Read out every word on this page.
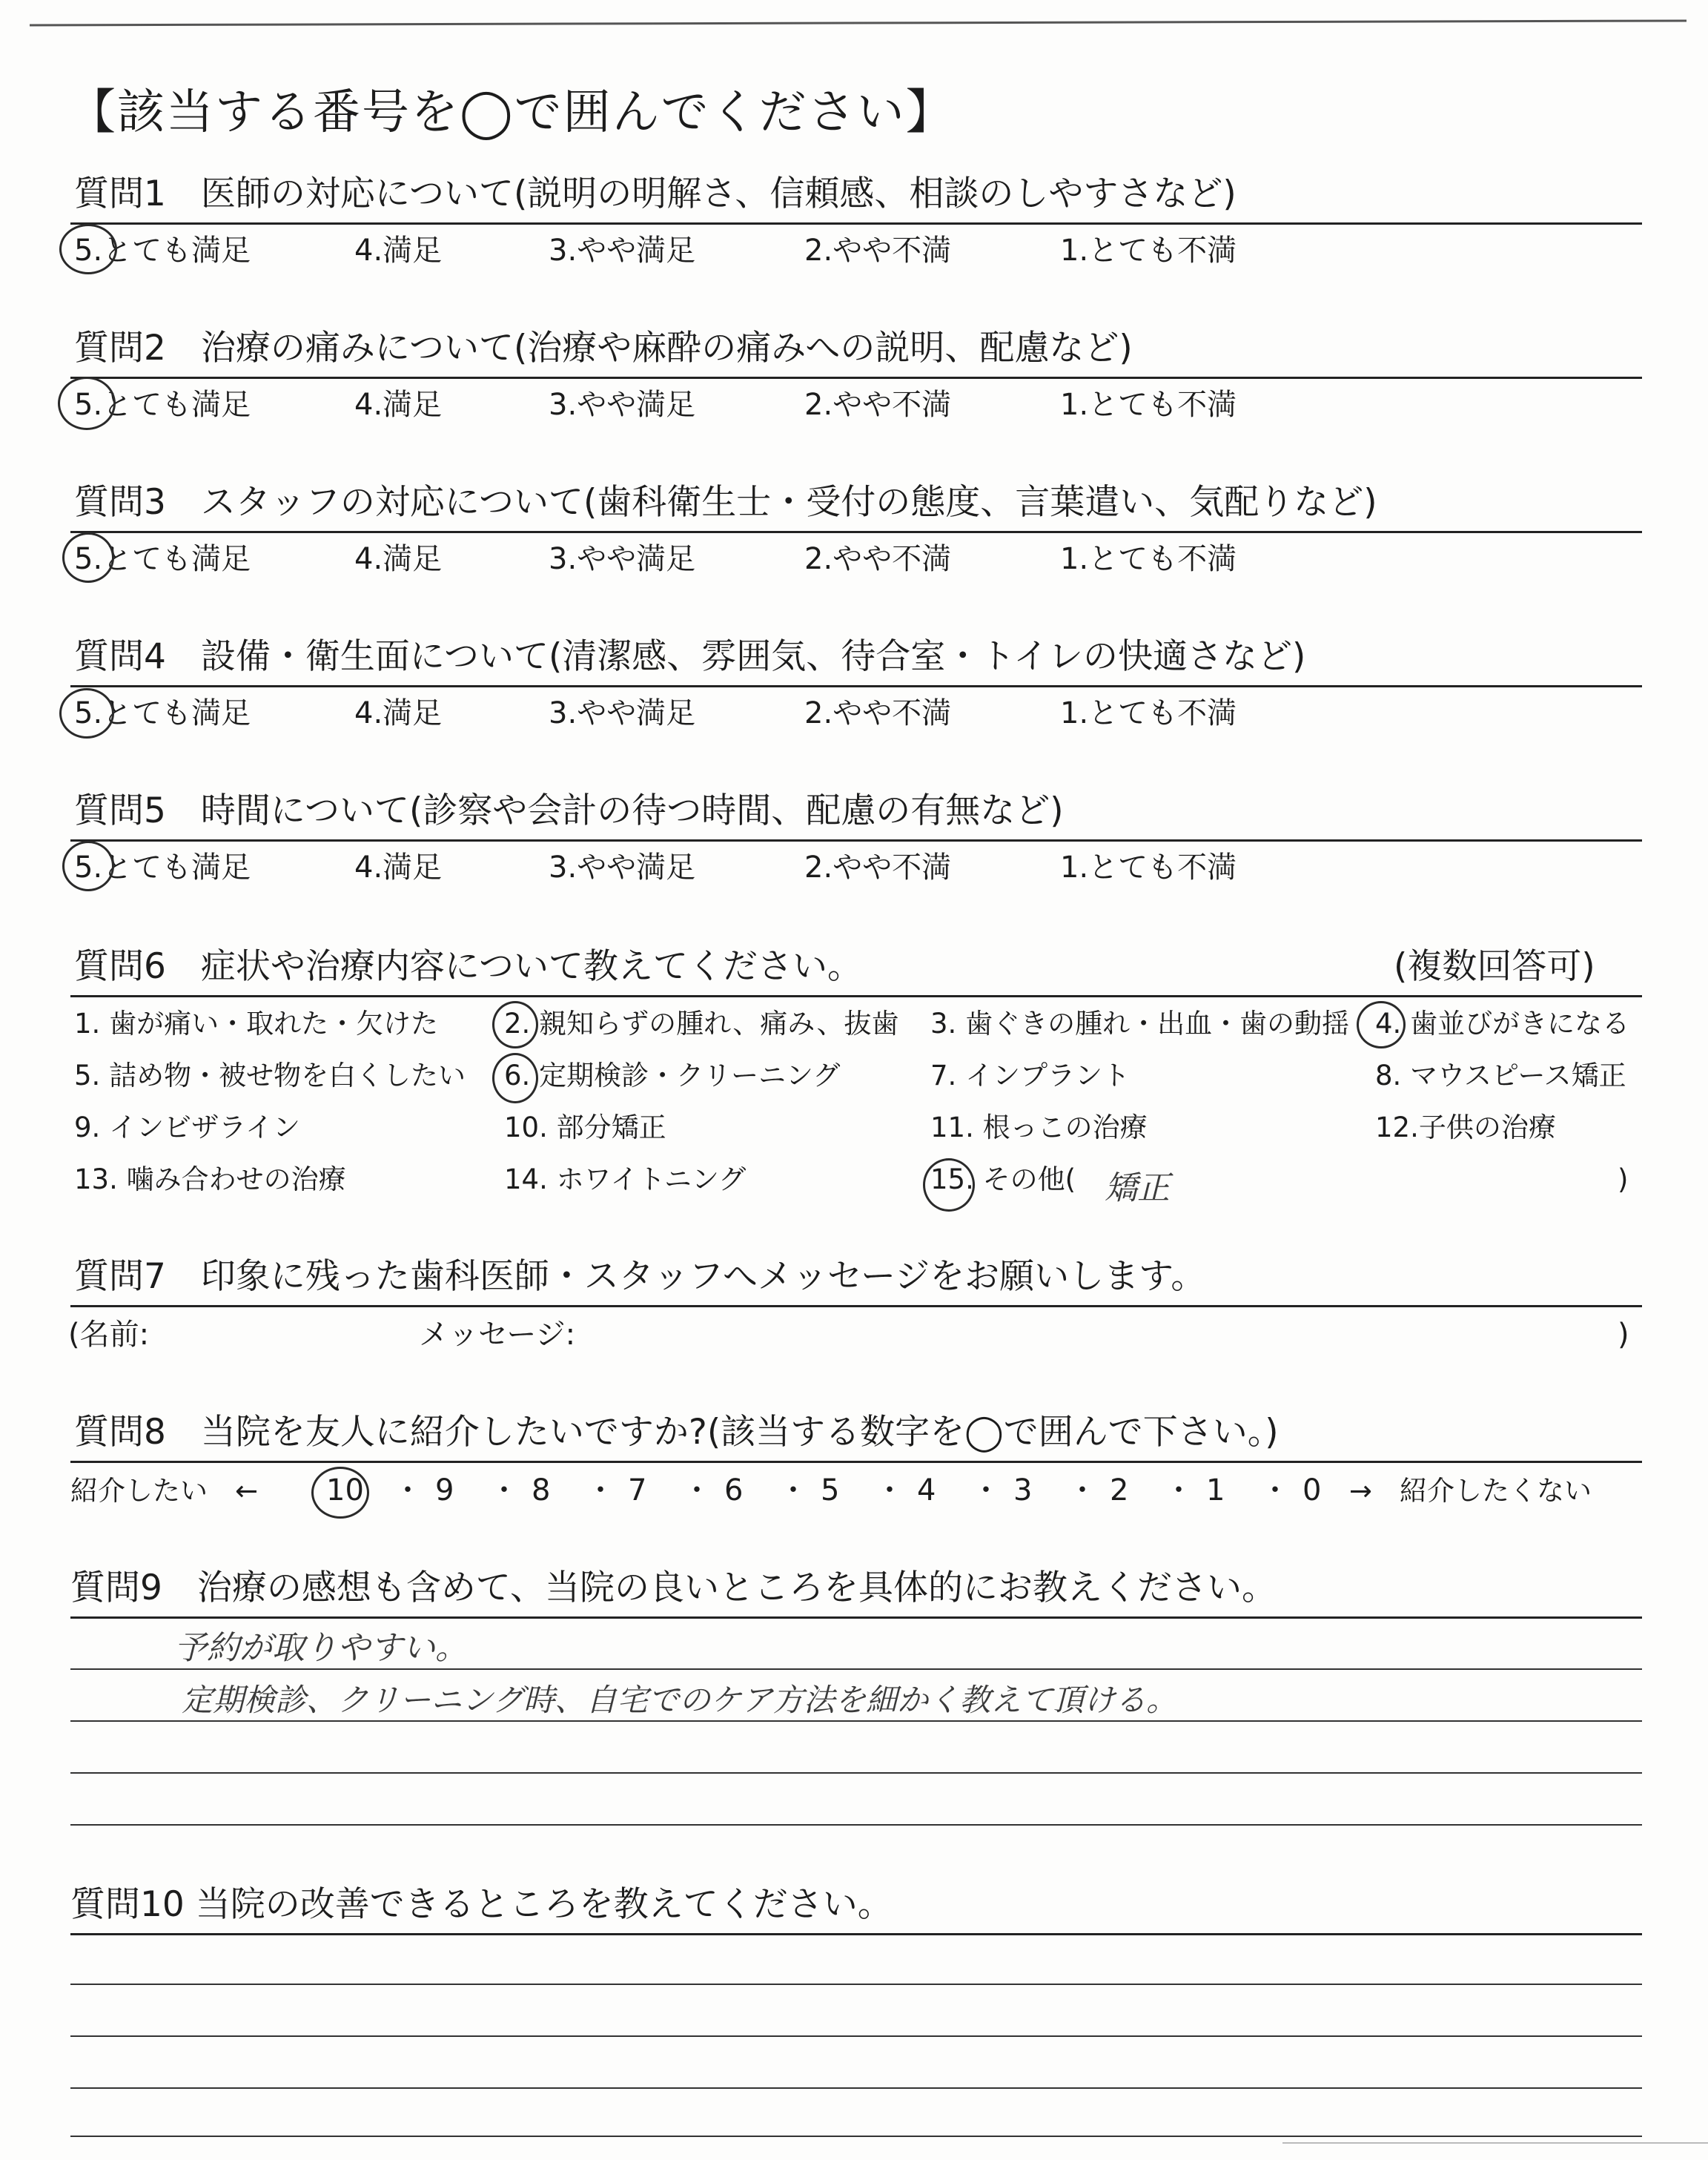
【該当する番号を◯で囲んでください】
質問1　医師の対応について(説明の明解さ、信頼感、相談のしやすさなど)
5.とても満足	4.満足	3.やや満足	2.やや不満	1.とても不満
質問2　治療の痛みについて(治療や麻酔の痛みへの説明、配慮など)
5.とても満足	4.満足	3.やや満足	2.やや不満	1.とても不満
質問3　スタッフの対応について(歯科衛生士・受付の態度、言葉遣い、気配りなど)
5.とても満足	4.満足	3.やや満足	2.やや不満	1.とても不満
質問4　設備・衛生面について(清潔感、雰囲気、待合室・トイレの快適さなど)
5.とても満足	4.満足	3.やや満足	2.やや不満	1.とても不満
質問5　時間について(診察や会計の待つ時間、配慮の有無など)
5.とても満足	4.満足	3.やや満足	2.やや不満	1.とても不満
質問6　症状や治療内容について教えてください。	(複数回答可)
1. 歯が痛い・取れた・欠けた 2. 親知らずの腫れ、痛み、抜歯 3. 歯ぐきの腫れ・出血・歯の動揺 4. 歯並びがきになる
5. 詰め物・被せ物を白くしたい 6. 定期検診・クリーニング	7. インプラント	8. マウスピース矯正
9. インビザライン	10. 部分矯正	11. 根っこの治療	12.子供の治療
13. 噛み合わせの治療	14. ホワイトニング	15. その他( 矯正	)
質問7　印象に残った歯科医師・スタッフへメッセージをお願いします。
(名前:	メッセージ:	)
質問8　当院を友人に紹介したいですか?(該当する数字を◯で囲んで下さい。)
紹介したい　←	→　紹介したくない
10 ・ 9 ・ 8 ・ 7 ・ 6 ・ 5 ・ 4 ・ 3 ・ 2 ・ 1 ・ 0
質問9　治療の感想も含めて、当院の良いところを具体的にお教えください。
予約が取りやすい。
定期検診、クリーニング時、自宅でのケア方法を細かく教えて頂ける。
質問10 当院の改善できるところを教えてください。
